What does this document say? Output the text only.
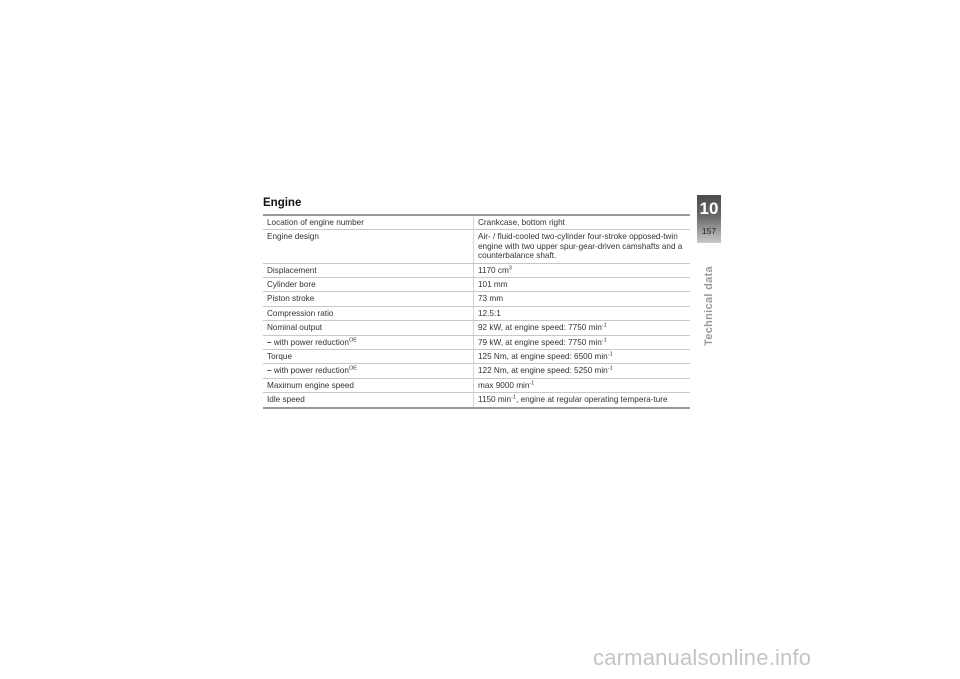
Engine
Location of engine number	Crankcase, bottom right
Engine design	Air- / fluid-cooled two-cylinder four-stroke opposed-twin engine with two upper spur-gear-driven camshafts and a counterbalance shaft.
Displacement	1170 $cm^3$
Cylinder bore	101 mm
Piston stroke	73 mm
Compression ratio	12.5:1
Nominal output	92 kW, at engine speed: 7750 $\min^{-1}$
– with power reduction$^{OE}$	79 kW, at engine speed: 7750 $\min^{-1}$
Torque	125 Nm, at engine speed: 6500 $\min^{-1}$
– with power reduction$^{OE}$	122 Nm, at engine speed: 5250 $\min^{-1}$
Maximum engine speed	max 9000 $\min^{-1}$
Idle speed	1150 $\min^{-1}$, engine at regular operating tempera-ture
10
157
Technical data
carmanualsonline.info
